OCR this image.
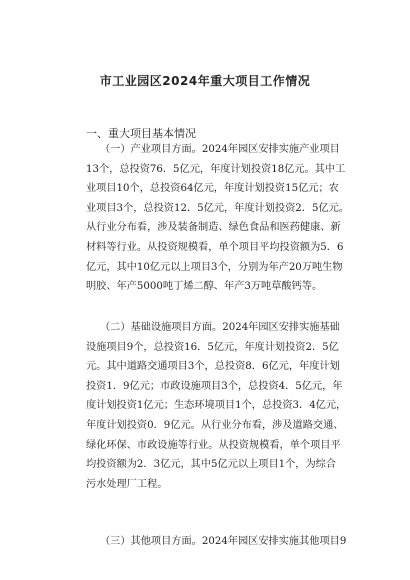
市工业园区2024年重大项目工作情况
一、重大项目基本情况
（一）产业项目方面。2024年园区安排实施产业项目
13个，总投资76．5亿元，年度计划投资18亿元。其中工
业项目10个，总投资64亿元，年度计划投资15亿元；农
业项目3个，总投资12．5亿元，年度计划投资2．5亿元。
从行业分布看，涉及装备制造、绿色食品和医药健康、新
材料等行业。从投资规模看，单个项目平均投资额为5．6
亿元，其中10亿元以上项目3个，分别为年产20万吨生物
明胶、年产5000吨丁烯二醇、年产3万吨草酸钙等。
（二）基础设施项目方面。2024年园区安排实施基础
设施项目9个，总投资16．5亿元，年度计划投资2．5亿
元。其中道路交通项目3个，总投资8．6亿元，年度计划
投资1．9亿元；市政设施项目3个，总投资4．5亿元，年
度计划投资1亿元；生态环境项目1个，总投资3．4亿元，
年度计划投资0．9亿元。从行业分布看，涉及道路交通、
绿化环保、市政设施等行业。从投资规模看，单个项目平
均投资额为2．3亿元，其中5亿元以上项目1个，为综合
污水处理厂工程。
（三）其他项目方面。2024年园区安排实施其他项目9
